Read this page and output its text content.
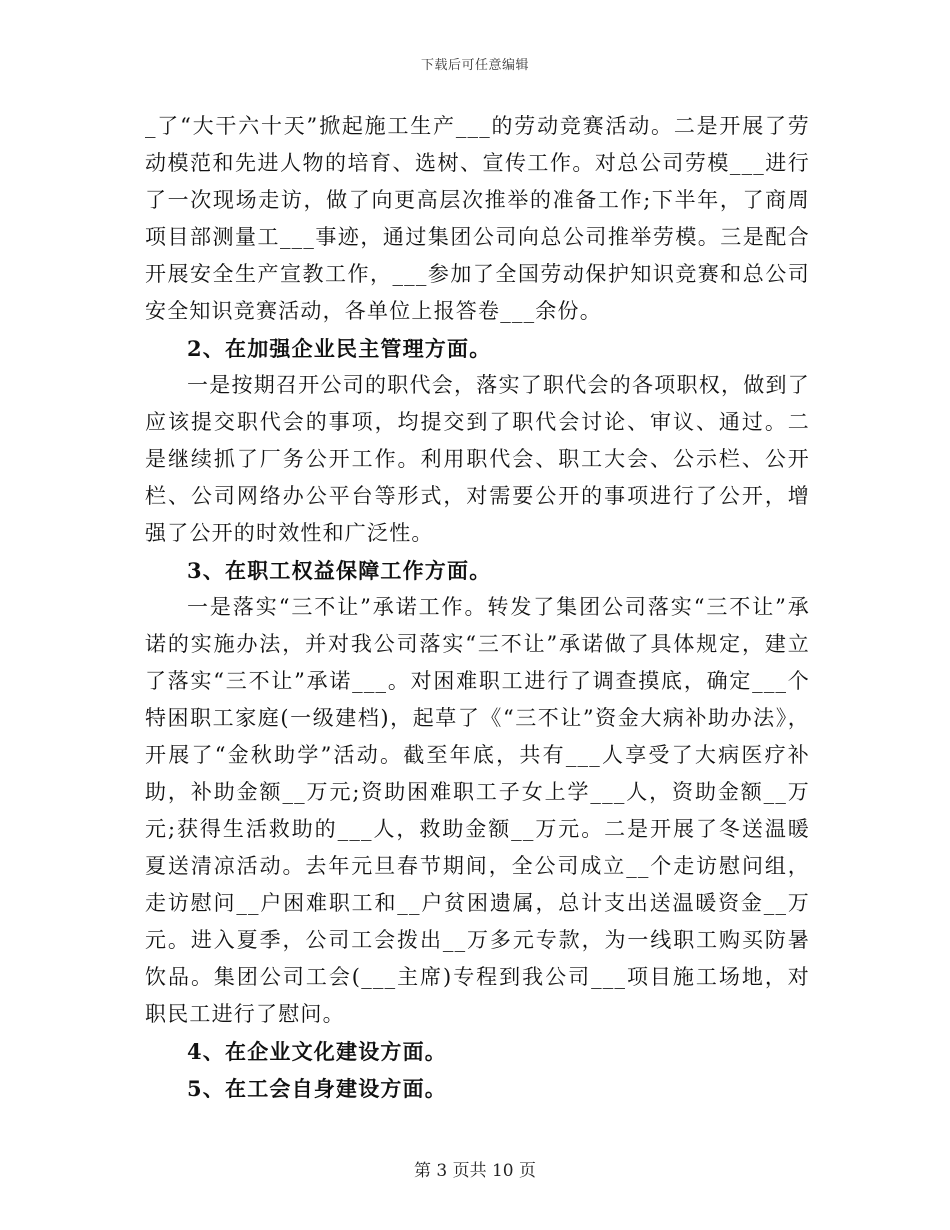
下载后可任意编辑

_了“大干六十天”掀起施工生产___的劳动竞赛活动。二是开展了劳动模范和先进人物的培育、选树、宣传工作。对总公司劳模___进行了一次现场走访，做了向更高层次推举的准备工作;下半年，了商周项目部测量工___事迹，通过集团公司向总公司推举劳模。三是配合开展安全生产宣教工作，___参加了全国劳动保护知识竞赛和总公司安全知识竞赛活动，各单位上报答卷___余份。

2、在加强企业民主管理方面。

一是按期召开公司的职代会，落实了职代会的各项职权，做到了应该提交职代会的事项，均提交到了职代会讨论、审议、通过。二是继续抓了厂务公开工作。利用职代会、职工大会、公示栏、公开栏、公司网络办公平台等形式，对需要公开的事项进行了公开，增强了公开的时效性和广泛性。

3、在职工权益保障工作方面。

一是落实“三不让”承诺工作。转发了集团公司落实“三不让”承诺的实施办法，并对我公司落实“三不让”承诺做了具体规定，建立了落实“三不让”承诺___。对困难职工进行了调查摸底，确定___个特困职工家庭(一级建档)，起草了《“三不让”资金大病补助办法》，开展了“金秋助学”活动。截至年底，共有___人享受了大病医疗补助，补助金额__万元;资助困难职工子女上学___人，资助金额__万元;获得生活救助的___人，救助金额__万元。二是开展了冬送温暖夏送清凉活动。去年元旦春节期间，全公司成立__个走访慰问组，走访慰问__户困难职工和__户贫困遗属，总计支出送温暖资金__万元。进入夏季，公司工会拨出__万多元专款，为一线职工购买防暑饮品。集团公司工会(___主席)专程到我公司___项目施工场地，对职民工进行了慰问。

4、在企业文化建设方面。

5、在工会自身建设方面。

第 3 页共 10 页
